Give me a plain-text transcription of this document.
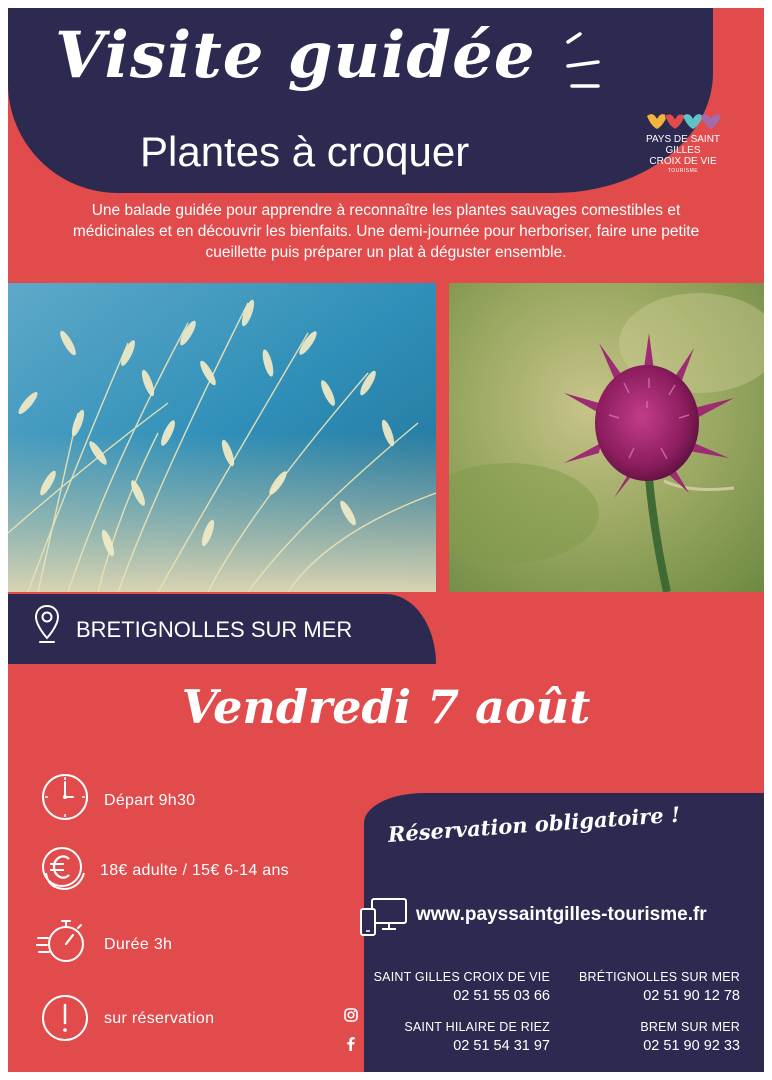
Visite guidée
Plantes à croquer	PAYS DE SAINT GILLES
CROIX DE VIE
TOURISME

Une balade guidée pour apprendre à reconnaître les plantes sauvages comestibles et médicinales et en découvrir les bienfaits. Une demi-journée pour herboriser, faire une petite cueillette puis préparer un plat à déguster ensemble.

BRETIGNOLLES SUR MER

Vendredi 7 août

Départ 9h30

18€ adulte / 15€ 6-14 ans

Durée 3h

sur réservation

Réservation obligatoire !

www.payssaintgilles-tourisme.fr
SAINT GILLES CROIX DE VIE
02 51 55 03 66
BRÉTIGNOLLES SUR MER
02 51 90 12 78
SAINT HILAIRE DE RIEZ
02 51 54 31 97
BREM SUR MER
02 51 90 92 33
